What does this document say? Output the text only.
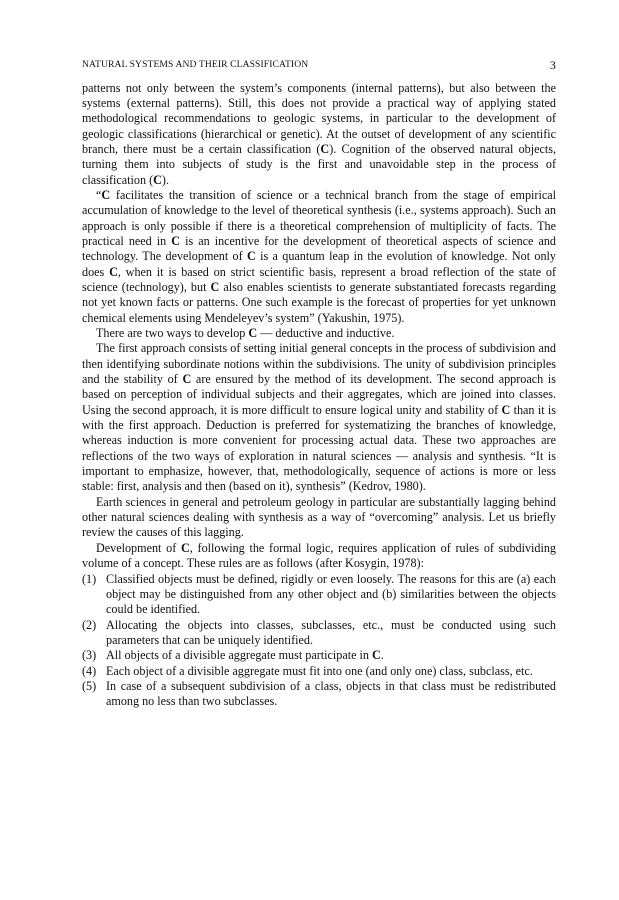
NATURAL SYSTEMS AND THEIR CLASSIFICATION	3

patterns not only between the system’s components (internal patterns), but also between the systems (external patterns). Still, this does not provide a practical way of applying stated methodological recommendations to geologic systems, in particular to the development of geologic classifications (hierarchical or genetic). At the outset of development of any scientific branch, there must be a certain classification (C). Cognition of the observed natural objects, turning them into subjects of study is the first and unavoidable step in the process of classification (C).

“C facilitates the transition of science or a technical branch from the stage of empirical accumulation of knowledge to the level of theoretical synthesis (i.e., systems approach). Such an approach is only possible if there is a theoretical comprehension of multiplicity of facts. The practical need in C is an incentive for the development of theoretical aspects of science and technology. The development of C is a quantum leap in the evolution of knowledge. Not only does C, when it is based on strict scientific basis, represent a broad reflection of the state of science (technology), but C also enables scientists to generate substantiated forecasts regarding not yet known facts or patterns. One such example is the forecast of properties for yet unknown chemical elements using Mendeleyev’s system” (Yakushin, 1975).

There are two ways to develop C — deductive and inductive.

The first approach consists of setting initial general concepts in the process of subdivision and then identifying subordinate notions within the subdivisions. The unity of subdivision principles and the stability of C are ensured by the method of its development. The second approach is based on perception of individual subjects and their aggregates, which are joined into classes. Using the second approach, it is more difficult to ensure logical unity and stability of C than it is with the first approach. Deduction is preferred for systematizing the branches of knowledge, whereas induction is more convenient for processing actual data. These two approaches are reflections of the two ways of exploration in natural sciences — analysis and synthesis. “It is important to emphasize, however, that, methodologically, sequence of actions is more or less stable: first, analysis and then (based on it), synthesis” (Kedrov, 1980).

Earth sciences in general and petroleum geology in particular are substantially lagging behind other natural sciences dealing with synthesis as a way of “overcoming” analysis. Let us briefly review the causes of this lagging.

Development of C, following the formal logic, requires application of rules of subdividing volume of a concept. These rules are as follows (after Kosygin, 1978):

(1) Classified objects must be defined, rigidly or even loosely. The reasons for this are (a) each object may be distinguished from any other object and (b) similarities between the objects could be identified.
(2) Allocating the objects into classes, subclasses, etc., must be conducted using such parameters that can be uniquely identified.
(3) All objects of a divisible aggregate must participate in C.
(4) Each object of a divisible aggregate must fit into one (and only one) class, subclass, etc.
(5) In case of a subsequent subdivision of a class, objects in that class must be redistributed among no less than two subclasses.
